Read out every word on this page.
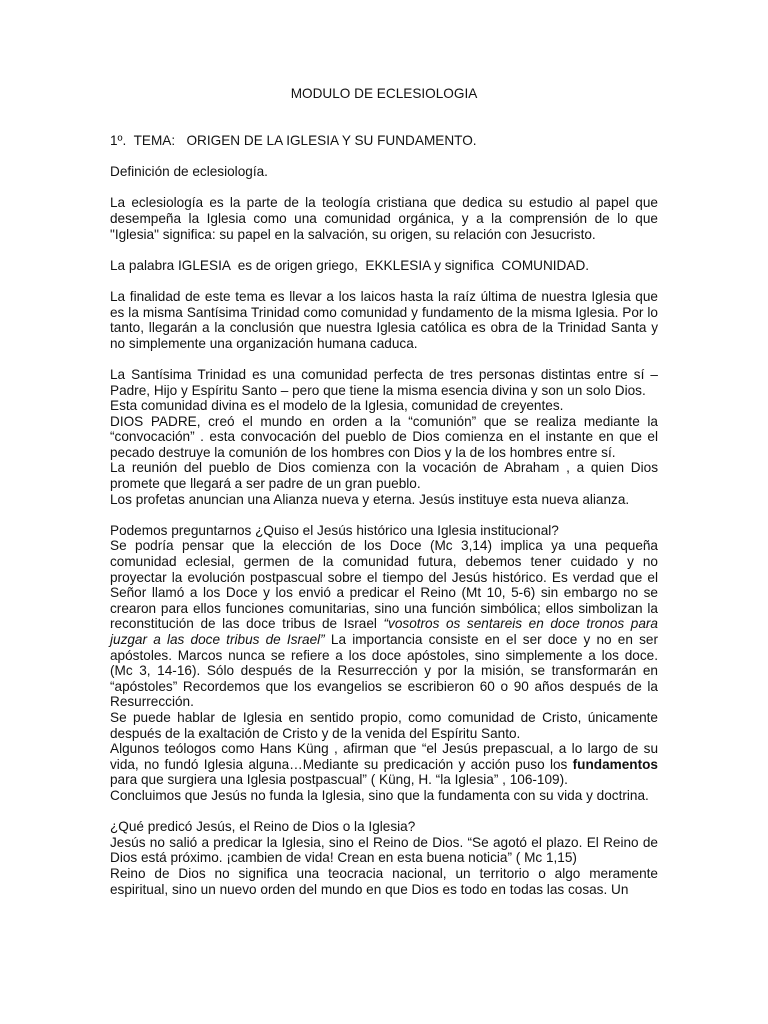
MODULO DE ECLESIOLOGIA

1º.  TEMA:   ORIGEN DE LA IGLESIA Y SU FUNDAMENTO.

Definición de eclesiología.

La eclesiología es la parte de la teología cristiana que dedica su estudio al papel que desempeña la Iglesia como una comunidad orgánica, y a la comprensión de lo que "Iglesia" significa: su papel en la salvación, su origen, su relación con Jesucristo.

La palabra IGLESIA  es de origen griego,  EKKLESIA y significa  COMUNIDAD.

La finalidad de este tema es llevar a los laicos hasta la raíz última de nuestra Iglesia que es la misma Santísima Trinidad como comunidad y fundamento de la misma Iglesia. Por lo tanto, llegarán a la conclusión que nuestra Iglesia católica es obra de la Trinidad Santa y no simplemente una organización humana caduca.

La Santísima Trinidad es una comunidad perfecta de tres personas distintas entre sí – Padre, Hijo y Espíritu Santo – pero que tiene la misma esencia divina y son un solo Dios.

Esta comunidad divina es el modelo de la Iglesia, comunidad de creyentes.

DIOS PADRE, creó el mundo en orden a la “comunión” que se realiza mediante la “convocación” . esta convocación del pueblo de Dios comienza en el instante en que el pecado destruye la comunión de los hombres con Dios y la de los hombres entre sí.

La reunión del pueblo de Dios comienza con la vocación de Abraham , a quien Dios promete que llegará a ser padre de un gran pueblo.

Los profetas anuncian una Alianza nueva y eterna. Jesús instituye esta nueva alianza.

Podemos preguntarnos ¿Quiso el Jesús histórico una Iglesia institucional?

Se podría pensar que la elección de los Doce (Mc 3,14) implica ya una pequeña comunidad eclesial, germen de la comunidad futura, debemos tener cuidado y no proyectar la evolución postpascual sobre el tiempo del Jesús histórico. Es verdad que el Señor llamó a los Doce y los envió a predicar el Reino (Mt 10, 5-6) sin embargo no se crearon para ellos funciones comunitarias, sino una función simbólica; ellos simbolizan la reconstitución de las doce tribus de Israel “vosotros os sentareis en doce tronos para juzgar a las doce tribus de Israel” La importancia consiste en el ser doce y no en ser apóstoles. Marcos nunca se refiere a los doce apóstoles, sino simplemente a los doce. (Mc 3, 14-16). Sólo después de la Resurrección y por la misión, se transformarán en “apóstoles” Recordemos que los evangelios se escribieron 60 o 90 años después de la Resurrección.

Se puede hablar de Iglesia en sentido propio, como comunidad de Cristo, únicamente después de la exaltación de Cristo y de la venida del Espíritu Santo.

Algunos teólogos como Hans Küng , afirman que “el Jesús prepascual, a lo largo de su vida, no fundó Iglesia alguna…Mediante su predicación y acción puso los fundamentos para que surgiera una Iglesia postpascual” ( Küng, H. “la Iglesia” , 106-109).

Concluimos que Jesús no funda la Iglesia, sino que la fundamenta con su vida y doctrina.

¿Qué predicó Jesús, el Reino de Dios o la Iglesia?

Jesús no salió a predicar la Iglesia, sino el Reino de Dios. “Se agotó el plazo. El Reino de Dios está próximo. ¡cambien de vida! Crean en esta buena noticia” ( Mc 1,15)

Reino de Dios no significa una teocracia nacional, un territorio o algo meramente espiritual, sino un nuevo orden del mundo en que Dios es todo en todas las cosas. Un
